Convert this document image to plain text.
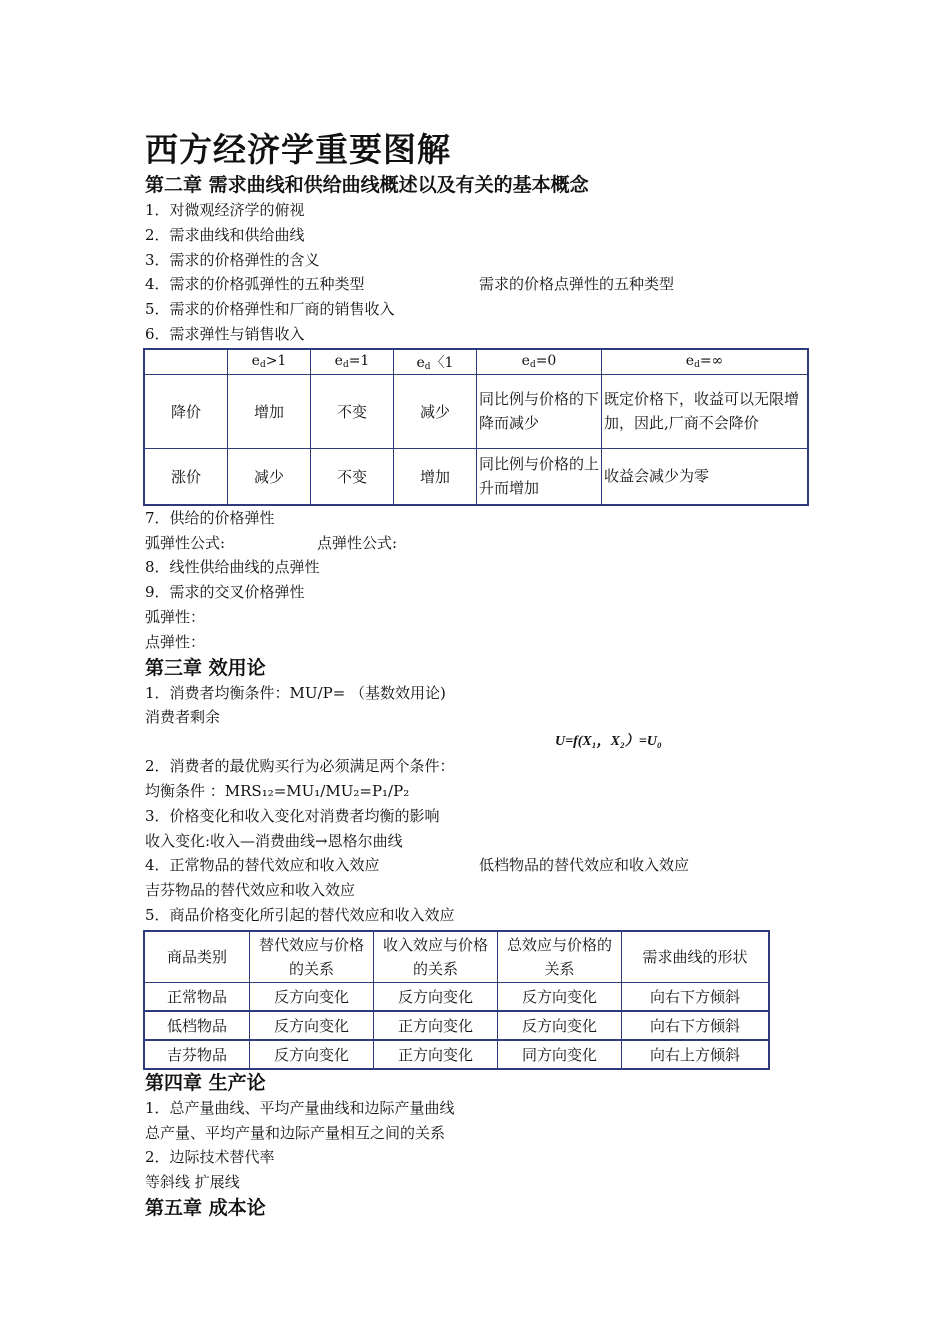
西方经济学重要图解
第二章 需求曲线和供给曲线概述以及有关的基本概念

1．对微观经济学的俯视

2．需求曲线和供给曲线

3．需求的价格弹性的含义

4．需求的价格弧弹性的五种类型	需求的价格点弹性的五种类型

5．需求的价格弹性和厂商的销售收入

6．需求弹性与销售收入

	$e_d>1$	$e_d=1$	$e_d$〈1	$e_d=0$	$e_d=\infty$
降价	增加	不变	减少	同比例与价格的下降而减少	既定价格下，收益可以无限增加，因此,厂商不会降价
涨价	减少	不变	增加	同比例与价格的上升而增加	收益会减少为零

7．供给的价格弹性

弧弹性公式:	点弹性公式:

8．线性供给曲线的点弹性

9．需求的交叉价格弹性

弧弹性：

点弹性：

第三章 效用论

1．消费者均衡条件：MU/P= （基数效用论)

消费者剩余

U=f(X₁，X₂）=U₀

2．消费者的最优购买行为必须满足两个条件：

均衡条件 ：MRS₁₂=MU₁/MU₂=P₁/P₂

3．价格变化和收入变化对消费者均衡的影响

收入变化:收入—消费曲线→恩格尔曲线

4．正常物品的替代效应和收入效应	低档物品的替代效应和收入效应

吉芬物品的替代效应和收入效应

5．商品价格变化所引起的替代效应和收入效应

商品类别	替代效应与价格的关系	收入效应与价格的关系	总效应与价格的关系	需求曲线的形状
正常物品	反方向变化	反方向变化	反方向变化	向右下方倾斜
低档物品	反方向变化	正方向变化	反方向变化	向右下方倾斜
吉芬物品	反方向变化	正方向变化	同方向变化	向右上方倾斜
第四章 生产论

1．总产量曲线、平均产量曲线和边际产量曲线

总产量、平均产量和边际产量相互之间的关系

2．边际技术替代率

等斜线 扩展线

第五章 成本论
